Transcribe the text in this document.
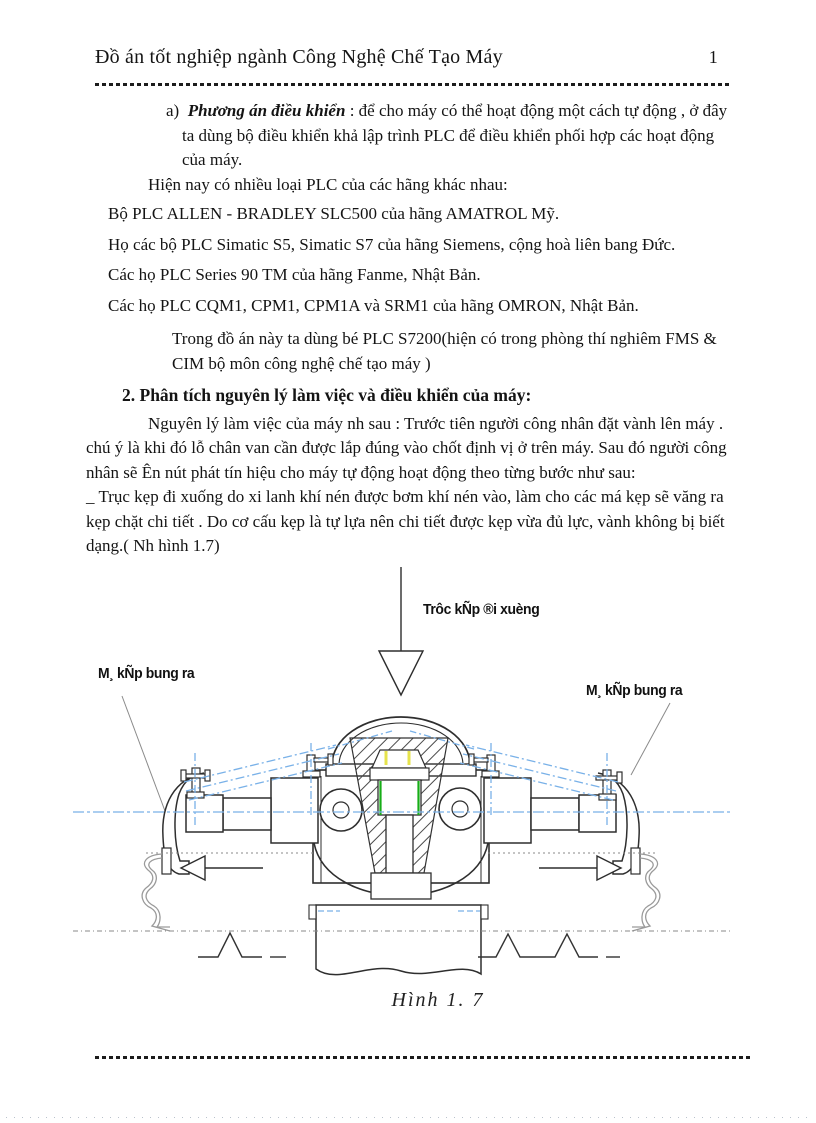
Đồ án tốt nghiệp ngành Công Nghệ Chế Tạo Máy	1

a) Phương án điều khiển : để cho máy có thể hoạt động một cách tự động , ở đây ta dùng bộ điều khiển khả lập trình PLC để điều khiển phối hợp các hoạt động của máy.

Hiện nay có nhiều loại PLC của các hãng khác nhau:

Bộ PLC ALLEN - BRADLEY SLC500 của hãng AMATROL Mỹ.

Họ các bộ PLC Simatic S5, Simatic S7 của hãng Siemens, cộng hoà liên bang Đức.

Các họ PLC Series 90 TM của hãng Fanme, Nhật Bản.

Các họ PLC CQM1, CPM1, CPM1A và SRM1 của hãng OMRON, Nhật Bản.

Trong đồ án này ta dùng bé PLC S7200(hiện có trong phòng thí nghiêm FMS & CIM bộ môn công nghệ chế tạo máy )

2. Phân tích nguyên lý làm việc và điều khiển của máy:

Nguyên lý làm việc của máy nh sau : Trước tiên người công nhân đặt vành lên máy . chú ý là khi đó lỗ chân van cần được lắp đúng vào chốt định vị ở trên máy. Sau đó người công nhân sẽ Ên nút phát tín hiệu cho máy tự động hoạt động theo từng bước như sau:

_ Trục kẹp đi xuống do xi lanh khí nén được bơm khí nén vào, làm cho các má kẹp sẽ văng ra kẹp chặt chi tiết . Do cơ cấu kẹp là tự lựa nên chi tiết được kẹp vừa đủ lực, vành không bị biết dạng.( Nh hình 1.7)

Trôc kÑp ®i xuèng
M¸ kÑp bung ra
M¸ kÑp bung ra
Hình 1. 7
